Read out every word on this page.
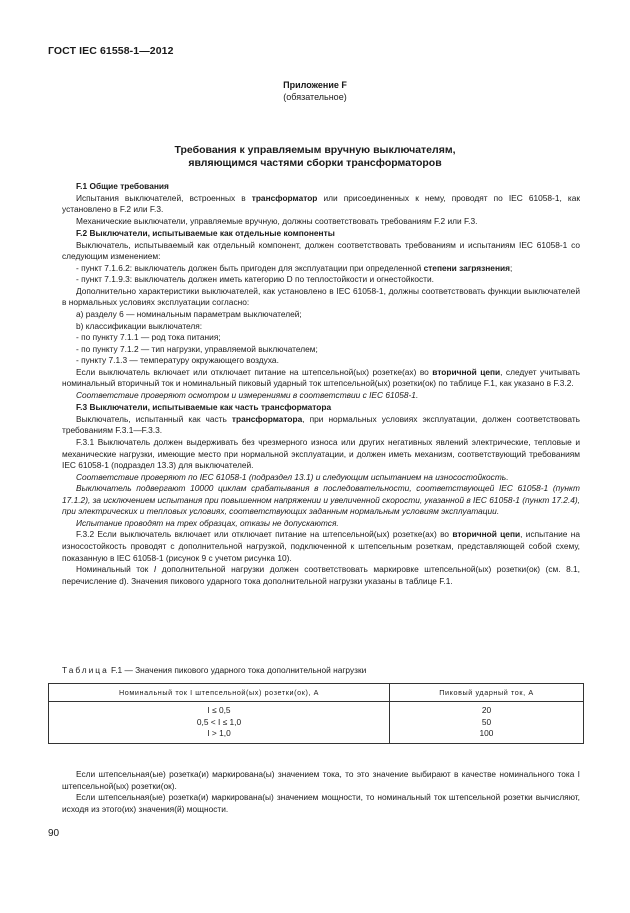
ГОСТ IEC 61558-1—2012
Приложение F
(обязательное)
Требования к управляемым вручную выключателям,
являющимся частями сборки трансформаторов
F.1 Общие требования

Испытания выключателей, встроенных в трансформатор или присоединенных к нему, проводят по IEC 61058-1, как установлено в F.2 или F.3.

Механические выключатели, управляемые вручную, должны соответствовать требованиям F.2 или F.3.

F.2 Выключатели, испытываемые как отдельные компоненты

Выключатель, испытываемый как отдельный компонент, должен соответствовать требованиям и испытаниям IEC 61058-1 со следующим изменением:

- пункт 7.1.6.2: выключатель должен быть пригоден для эксплуатации при определенной степени загрязнения;

- пункт 7.1.9.3: выключатель должен иметь категорию D по теплостойкости и огнестойкости.

Дополнительно характеристики выключателей, как установлено в IEC 61058-1, должны соответствовать функции выключателей в нормальных условиях эксплуатации согласно:

a) разделу 6 — номинальным параметрам выключателей;

b) классификации выключателя:

- по пункту 7.1.1 — род тока питания;

- по пункту 7.1.2 — тип нагрузки, управляемой выключателем;

- пункту 7.1.3 — температуру окружающего воздуха.

Если выключатель включает или отключает питание на штепсельной(ых) розетке(ах) во вторичной цепи, следует учитывать номинальный вторичный ток и номинальный пиковый ударный ток штепсельной(ых) розетки(ок) по таблице F.1, как указано в F.3.2.

Соответствие проверяют осмотром и измерениями в соответствии с IEC 61058-1.

F.3 Выключатели, испытываемые как часть трансформатора

Выключатель, испытанный как часть трансформатора, при нормальных условиях эксплуатации, должен соответствовать требованиям F.3.1—F.3.3.

F.3.1 Выключатель должен выдерживать без чрезмерного износа или других негативных явлений электрические, тепловые и механические нагрузки, имеющие место при нормальной эксплуатации, и должен иметь механизм, соответствующий требованиям IEC 61058-1 (подраздел 13.3) для выключателей.

Соответствие проверяют по IEC 61058-1 (подраздел 13.1) и следующим испытанием на износостойкость.

Выключатель подвергают 10000 циклам срабатывания в последовательности, соответствующей IEC 61058-1 (пункт 17.1.2), за исключением испытания при повышенном напряжении и увеличенной скорости, указанной в IEC 61058-1 (пункт 17.2.4), при электрических и тепловых условиях, соответствующих заданным нормальным условиям эксплуатации.

Испытание проводят на трех образцах, отказы не допускаются.

F.3.2 Если выключатель включает или отключает питание на штепсельной(ых) розетке(ах) во вторичной цепи, испытание на износостойкость проводят с дополнительной нагрузкой, подключенной к штепсельным розеткам, представляющей собой схему, показанную в IEC 61058-1 (рисунок 9 с учетом рисунка 10).

Номинальный ток I дополнительной нагрузки должен соответствовать маркировке штепсельной(ых) розетки(ок) (см. 8.1, перечисление d). Значения пикового ударного тока дополнительной нагрузки указаны в таблице F.1.

Таблица F.1 — Значения пикового ударного тока дополнительной нагрузки
Номинальный ток I штепсельной(ых) розетки(ок), А	Пиковый ударный ток, А
I ≤ 0,5	20
0,5 < I ≤ 1,0	50
I > 1,0	100

Если штепсельная(ые) розетка(и) маркирована(ы) значением тока, то это значение выбирают в качестве номинального тока I штепсельной(ых) розетки(ок).

Если штепсельная(ые) розетка(и) маркирована(ы) значением мощности, то номинальный ток штепсельной розетки вычисляют, исходя из этого(их) значения(й) мощности.

90
